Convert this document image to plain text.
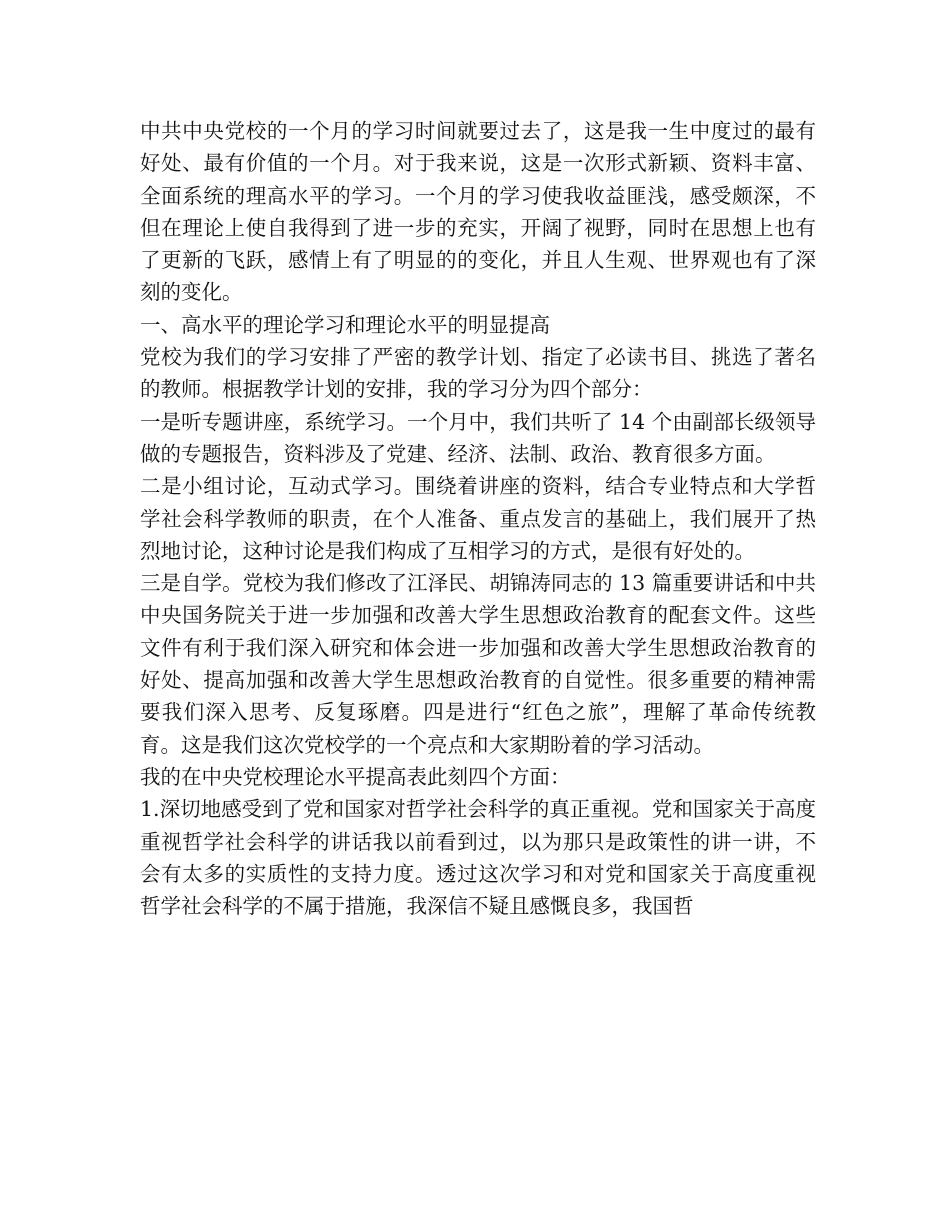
中共中央党校的一个月的学习时间就要过去了，这是我一生中度过的最有好处、最有价值的一个月。对于我来说，这是一次形式新颖、资料丰富、全面系统的理高水平的学习。一个月的学习使我收益匪浅，感受颇深，不但在理论上使自我得到了进一步的充实，开阔了视野，同时在思想上也有了更新的飞跃，感情上有了明显的的变化，并且人生观、世界观也有了深刻的变化。

一、高水平的理论学习和理论水平的明显提高

党校为我们的学习安排了严密的教学计划、指定了必读书目、挑选了著名的教师。根据教学计划的安排，我的学习分为四个部分：

一是听专题讲座，系统学习。一个月中，我们共听了 14 个由副部长级领导做的专题报告，资料涉及了党建、经济、法制、政治、教育很多方面。

二是小组讨论，互动式学习。围绕着讲座的资料，结合专业特点和大学哲学社会科学教师的职责，在个人准备、重点发言的基础上，我们展开了热烈地讨论，这种讨论是我们构成了互相学习的方式，是很有好处的。

三是自学。党校为我们修改了江泽民、胡锦涛同志的 13 篇重要讲话和中共中央国务院关于进一步加强和改善大学生思想政治教育的配套文件。这些文件有利于我们深入研究和体会进一步加强和改善大学生思想政治教育的好处、提高加强和改善大学生思想政治教育的自觉性。很多重要的精神需要我们深入思考、反复琢磨。四是进行“红色之旅”，理解了革命传统教育。这是我们这次党校学的一个亮点和大家期盼着的学习活动。

我的在中央党校理论水平提高表此刻四个方面：

1.深切地感受到了党和国家对哲学社会科学的真正重视。党和国家关于高度重视哲学社会科学的讲话我以前看到过，以为那只是政策性的讲一讲，不会有太多的实质性的支持力度。透过这次学习和对党和国家关于高度重视哲学社会科学的不属于措施，我深信不疑且感慨良多，我国哲
